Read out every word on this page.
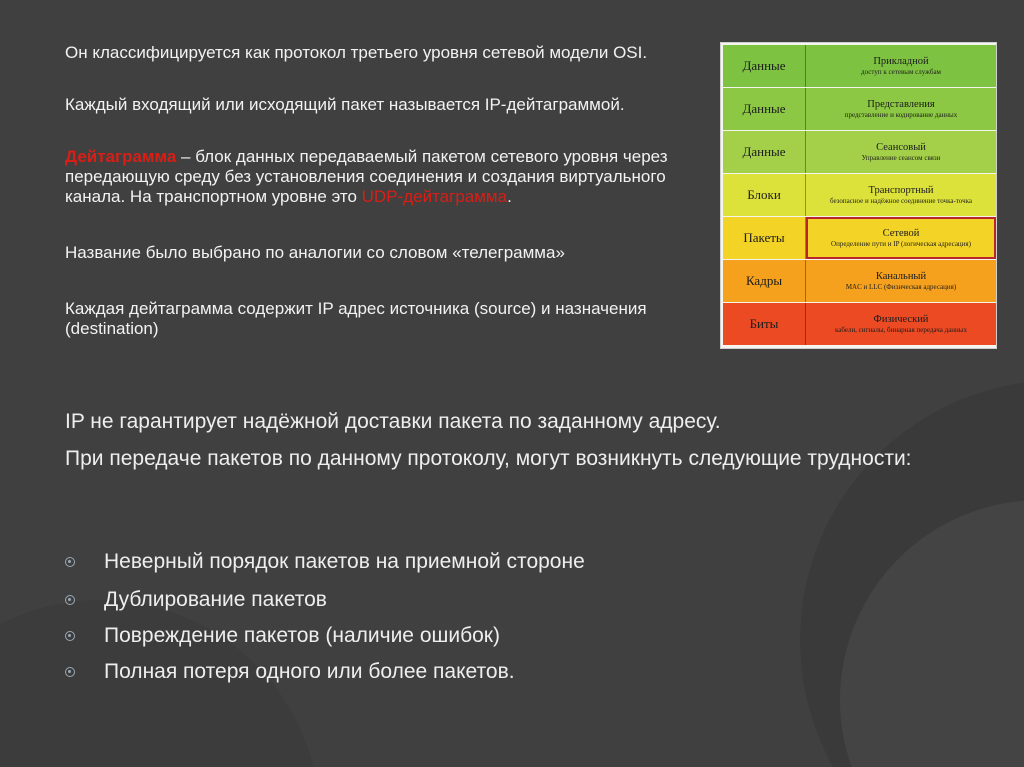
Он классифицируется как протокол третьего уровня сетевой модели OSI.

Каждый входящий или исходящий пакет называется IP-дейтаграммой.

Дейтаграмма – блок данных передаваемый пакетом сетевого уровня через передающую среду без установления соединения и создания виртуального канала. На транспортном уровне это UDP-дейтаграмма.

Название было выбрано по аналогии со словом «телеграмма»

Каждая дейтаграмма содержит IP адрес источника (source) и назначения (destination)

Данные	Прикладной
доступ к сетевым службам
Данные	Представления
представление и кодирование данных
Данные	Сеансовый
Управление сеансом связи
Блоки	Транспортный
безопасное и надёжное соединение точка-точка
Пакеты	Сетевой
Определение пути и IP (логическая адресация)
Кадры	Канальный
MAC и LLC (Физическая адресация)
Биты	Физический
кабели, сигналы, бинарная передача данных

IP не гарантирует надёжной доставки пакета по заданному адресу.

При передаче пакетов по данному протоколу, могут возникнуть следующие трудности:

Неверный порядок пакетов на приемной стороне
Дублирование пакетов
Повреждение пакетов (наличие ошибок)
Полная потеря одного или более пакетов.
